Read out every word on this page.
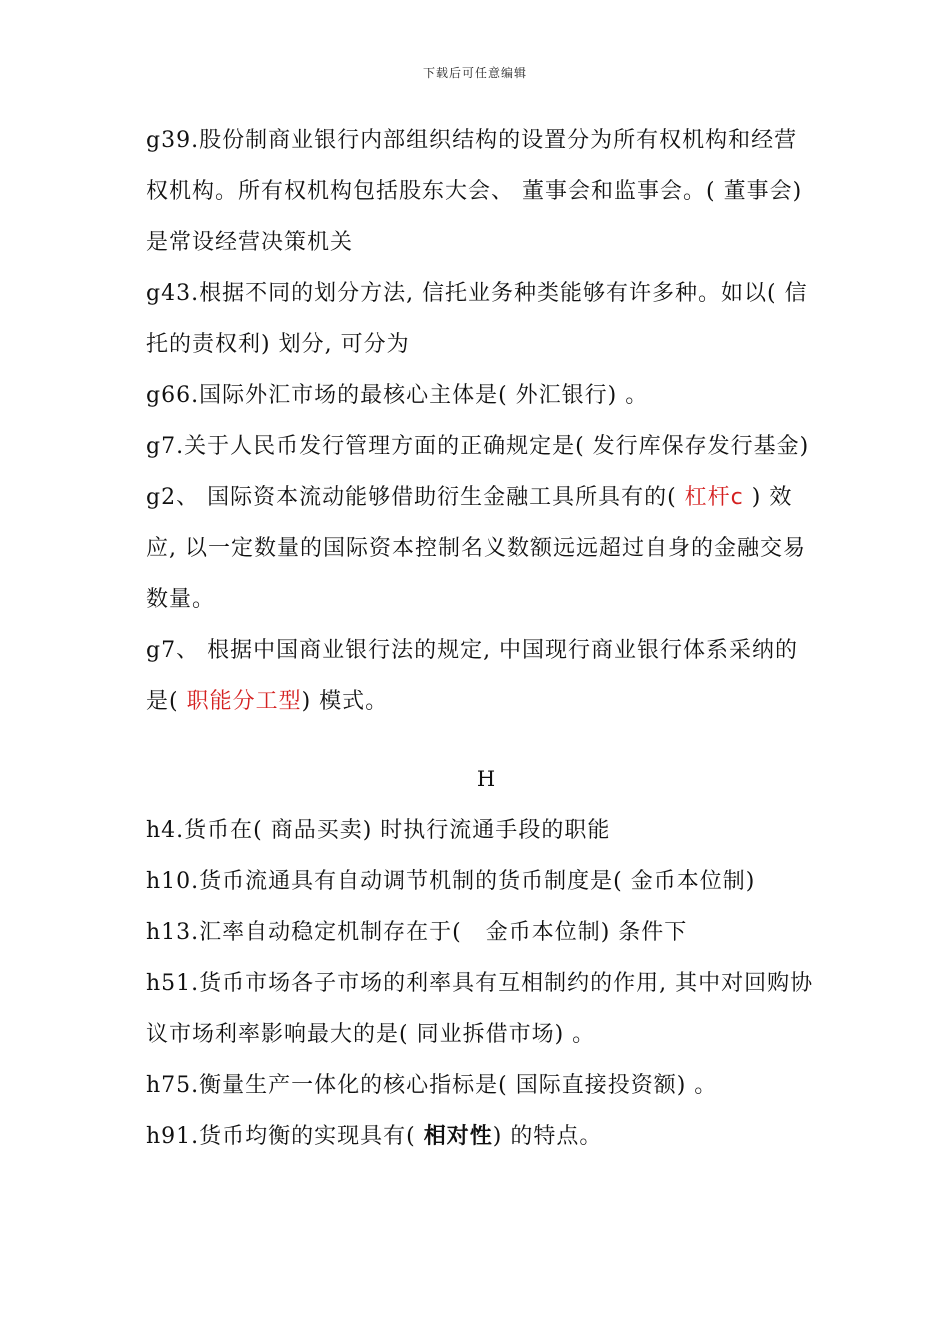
下载后可任意编辑

g39.股份制商业银行内部组织结构的设置分为所有权机构和经营权机构。所有权机构包括股东大会、 董事会和监事会。( 董事会) 是常设经营决策机关

g43.根据不同的划分方法, 信托业务种类能够有许多种。如以( 信托的责权利) 划分, 可分为

g66.国际外汇市场的最核心主体是( 外汇银行) 。

g7.关于人民币发行管理方面的正确规定是( 发行库保存发行基金)

g2、 国际资本流动能够借助衍生金融工具所具有的( 杠杆c ) 效应, 以一定数量的国际资本控制名义数额远远超过自身的金融交易数量。

g7、 根据中国商业银行法的规定, 中国现行商业银行体系采纳的是( 职能分工型) 模式。

H

h4.货币在( 商品买卖) 时执行流通手段的职能

h10.货币流通具有自动调节机制的货币制度是( 金币本位制)

h13.汇率自动稳定机制存在于(   金币本位制) 条件下

h51.货币市场各子市场的利率具有互相制约的作用, 其中对回购协议市场利率影响最大的是( 同业拆借市场) 。

h75.衡量生产一体化的核心指标是( 国际直接投资额) 。

h91.货币均衡的实现具有( 相对性) 的特点。
